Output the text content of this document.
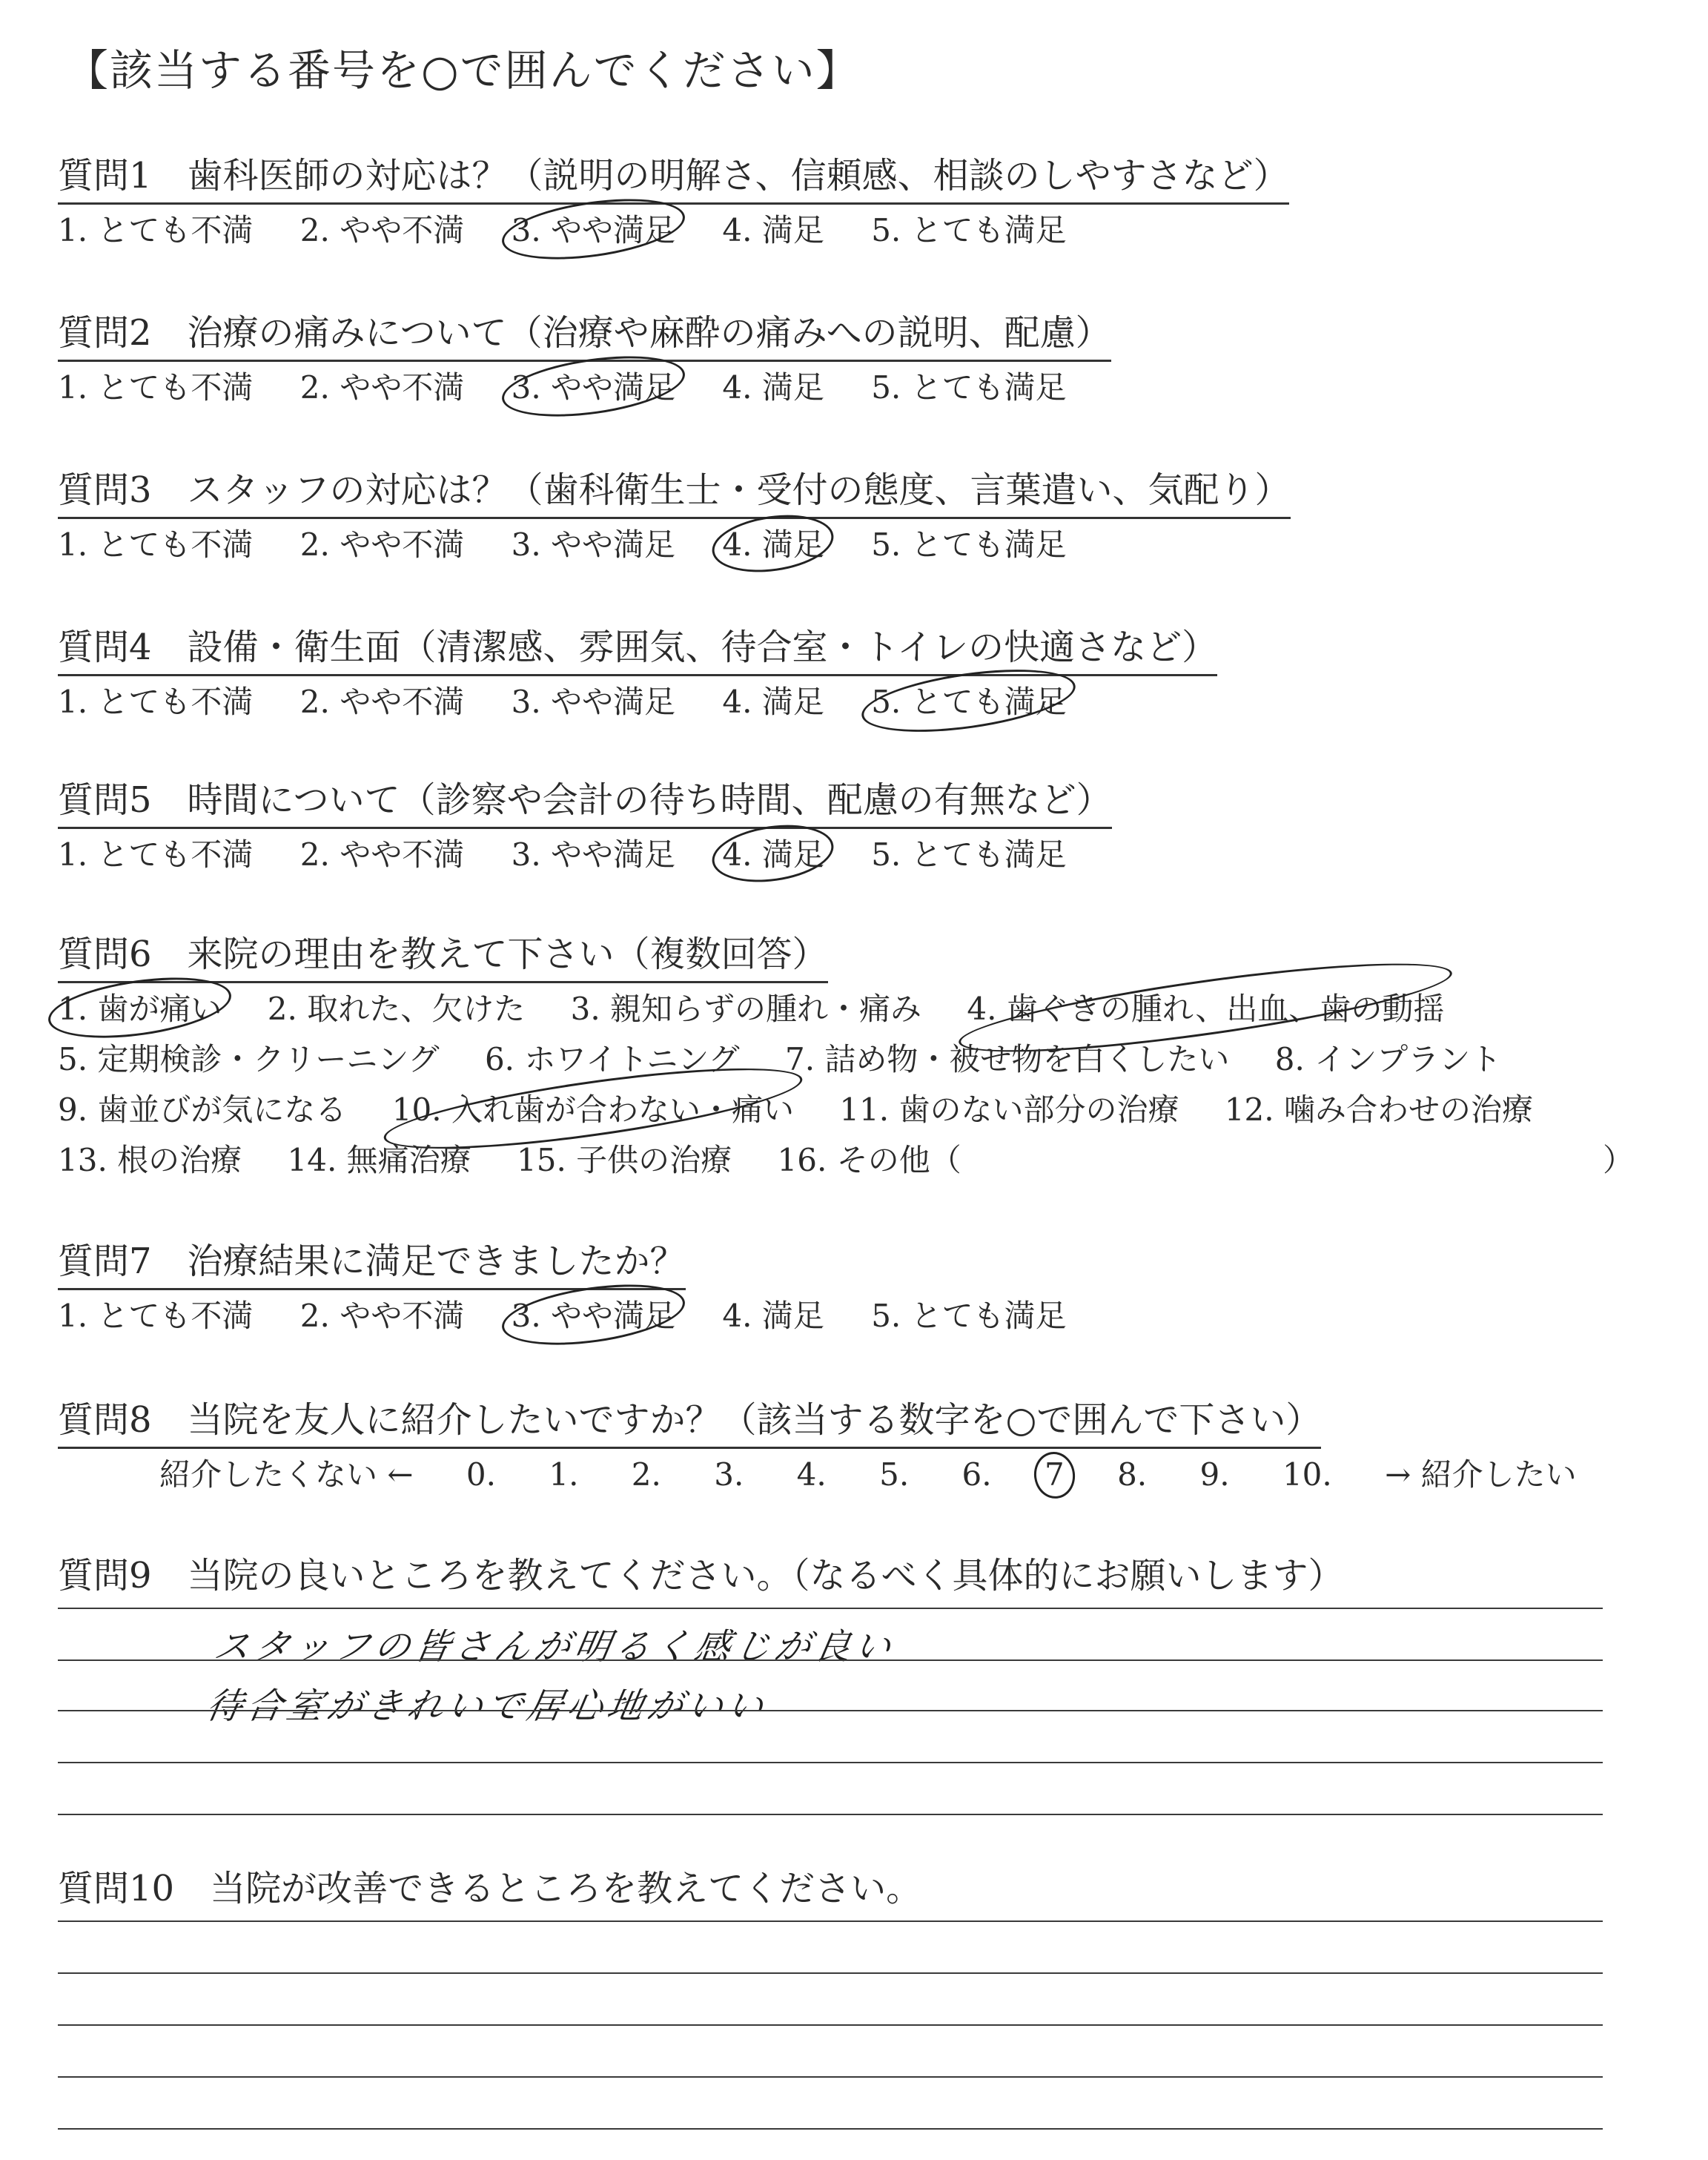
【該当する番号を○で囲んでください】
質問1　歯科医師の対応は？（説明の明解さ、信頼感、相談のしやすさなど）
1. とても不満 2. やや不満 3. やや満足 4. 満足 5. とても満足
質問2　治療の痛みについて（治療や麻酔の痛みへの説明、配慮）
1. とても不満 2. やや不満 3. やや満足 4. 満足 5. とても満足
質問3　スタッフの対応は？（歯科衛生士・受付の態度、言葉遣い、気配り）
1. とても不満 2. やや不満 3. やや満足 4. 満足 5. とても満足
質問4　設備・衛生面（清潔感、雰囲気、待合室・トイレの快適さなど）
1. とても不満 2. やや不満 3. やや満足 4. 満足 5. とても満足
質問5　時間について（診察や会計の待ち時間、配慮の有無など）
1. とても不満 2. やや不満 3. やや満足 4. 満足 5. とても満足
質問6　来院の理由を教えて下さい（複数回答）
1. 歯が痛い 2. 取れた、欠けた 3. 親知らずの腫れ・痛み 4. 歯ぐきの腫れ、出血、歯の動揺
5. 定期検診・クリーニング 6. ホワイトニング 7. 詰め物・被せ物を白くしたい 8. インプラント
9. 歯並びが気になる 10. 入れ歯が合わない・痛い 11. 歯のない部分の治療 12. 噛み合わせの治療
13. 根の治療 14. 無痛治療 15. 子供の治療 16. その他（	）
質問7　治療結果に満足できましたか？
1. とても不満 2. やや不満 3. やや満足 4. 満足 5. とても満足
質問8　当院を友人に紹介したいですか？（該当する数字を○で囲んで下さい）
紹介したくない ← 0. 1. 2. 3. 4. 5. 6. 7 8. 9. 10. → 紹介したい
質問9　当院の良いところを教えてください。（なるべく具体的にお願いします）
スタッフの皆さんが明るく感じが良い
待合室がきれいで居心地がいい
質問10　当院が改善できるところを教えてください。
